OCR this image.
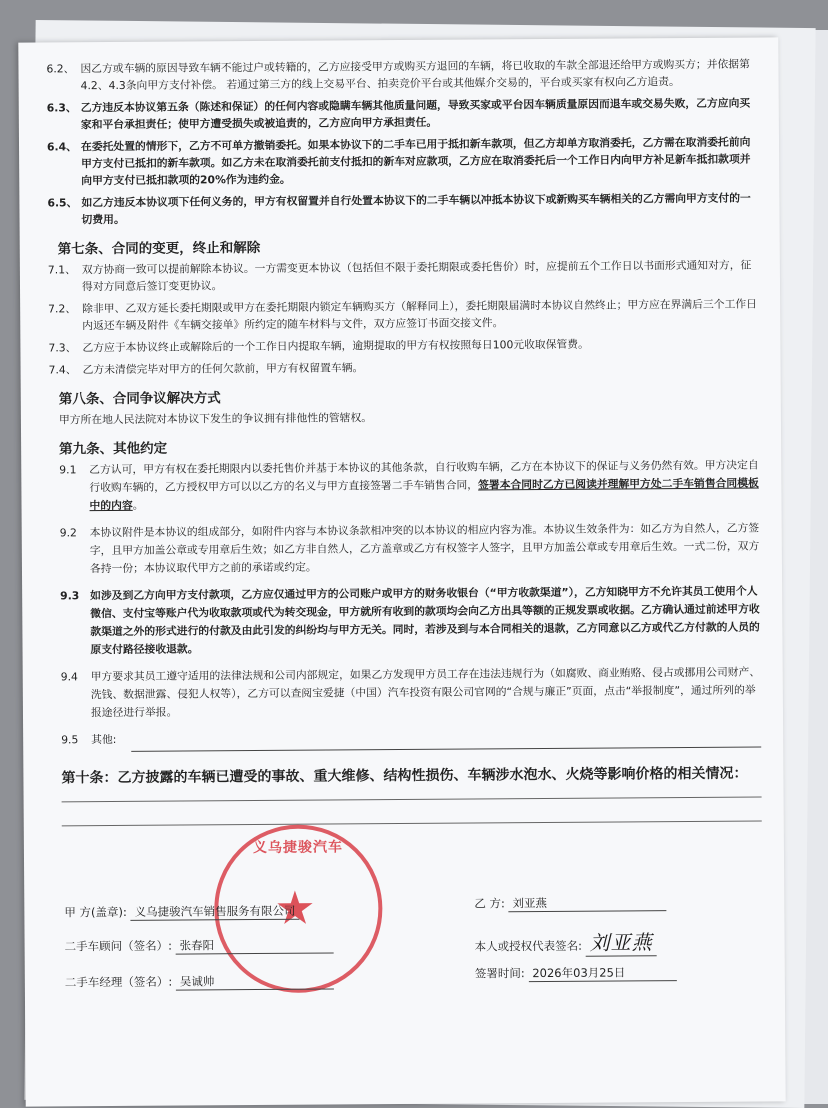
6.2、 因乙方或车辆的原因导致车辆不能过户或转籍的，乙方应接受甲方或购买方退回的车辆，将已收取的车款全部退还给甲方或购买方；并依据第4.2、4.3条向甲方支付补偿。 若通过第三方的线上交易平台、拍卖竞价平台或其他媒介交易的，平台或买家有权向乙方追责。
6.3、 乙方违反本协议第五条（陈述和保证）的任何内容或隐瞒车辆其他质量问题，导致买家或平台因车辆质量原因而退车或交易失败，乙方应向买家和平台承担责任；使甲方遭受损失或被追责的，乙方应向甲方承担责任。
6.4、 在委托处置的情形下，乙方不可单方撤销委托。如果本协议下的二手车已用于抵扣新车款项，但乙方却单方取消委托，乙方需在取消委托前向甲方支付已抵扣的新车款项。如乙方未在取消委托前支付抵扣的新车对应款项，乙方应在取消委托后一个工作日内向甲方补足新车抵扣款项并向甲方支付已抵扣款项的20%作为违约金。
6.5、 如乙方违反本协议项下任何义务的，甲方有权留置并自行处置本协议下的二手车辆以冲抵本协议下或新购买车辆相关的乙方需向甲方支付的一切费用。
第七条、合同的变更，终止和解除
7.1、 双方协商一致可以提前解除本协议。一方需变更本协议（包括但不限于委托期限或委托售价）时，应提前五个工作日以书面形式通知对方，征得对方同意后签订变更协议。
7.2、 除非甲、乙双方延长委托期限或甲方在委托期限内锁定车辆购买方（解释同上），委托期限届满时本协议自然终止；甲方应在界满后三个工作日内返还车辆及附件《车辆交接单》所约定的随车材料与文件，双方应签订书面交接文件。
7.3、 乙方应于本协议终止或解除后的一个工作日内提取车辆，逾期提取的甲方有权按照每日100元收取保管费。
7.4、 乙方未清偿完毕对甲方的任何欠款前，甲方有权留置车辆。
第八条、合同争议解决方式
甲方所在地人民法院对本协议下发生的争议拥有排他性的管辖权。
第九条、其他约定
9.1 乙方认可，甲方有权在委托期限内以委托售价并基于本协议的其他条款，自行收购车辆，乙方在本协议下的保证与义务仍然有效。甲方决定自行收购车辆的，乙方授权甲方可以以乙方的名义与甲方直接签署二手车销售合同，签署本合同时乙方已阅读并理解甲方处二手车销售合同模板中的内容。
9.2 本协议附件是本协议的组成部分，如附件内容与本协议条款相冲突的以本协议的相应内容为准。本协议生效条件为：如乙方为自然人，乙方签字，且甲方加盖公章或专用章后生效；如乙方非自然人，乙方盖章或乙方有权签字人签字，且甲方加盖公章或专用章后生效。一式二份，双方各持一份；本协议取代甲方之前的承诺或约定。
9.3 如涉及到乙方向甲方支付款项，乙方应仅通过甲方的公司账户或甲方的财务收银台（“甲方收款渠道”），乙方知晓甲方不允许其员工使用个人微信、支付宝等账户代为收取款项或代为转交现金，甲方就所有收到的款项均会向乙方出具等额的正规发票或收据。乙方确认通过前述甲方收款渠道之外的形式进行的付款及由此引发的纠纷均与甲方无关。同时，若涉及到与本合同相关的退款，乙方同意以乙方或代乙方付款的人员的原支付路径接收退款。
9.4 甲方要求其员工遵守适用的法律法规和公司内部规定，如果乙方发现甲方员工存在违法违规行为（如腐败、商业贿赂、侵占或挪用公司财产、洗钱、数据泄露、侵犯人权等），乙方可以查阅宝爱捷（中国）汽车投资有限公司官网的“合规与廉正”页面，点击“举报制度”，通过所列的举报途径进行举报。
9.5 其他:
第十条：乙方披露的车辆已遭受的事故、重大维修、结构性损伤、车辆涉水泡水、火烧等影响价格的相关情况：
义乌捷骏汽车
★
甲 方(盖章): 义乌捷骏汽车销售服务有限公司
二手车顾问（签名）: 张春阳
二手车经理（签名）: 吴诚帅
乙 方: 刘亚燕
本人或授权代表签名: 刘亚燕
签署时间: 2026年03月25日
